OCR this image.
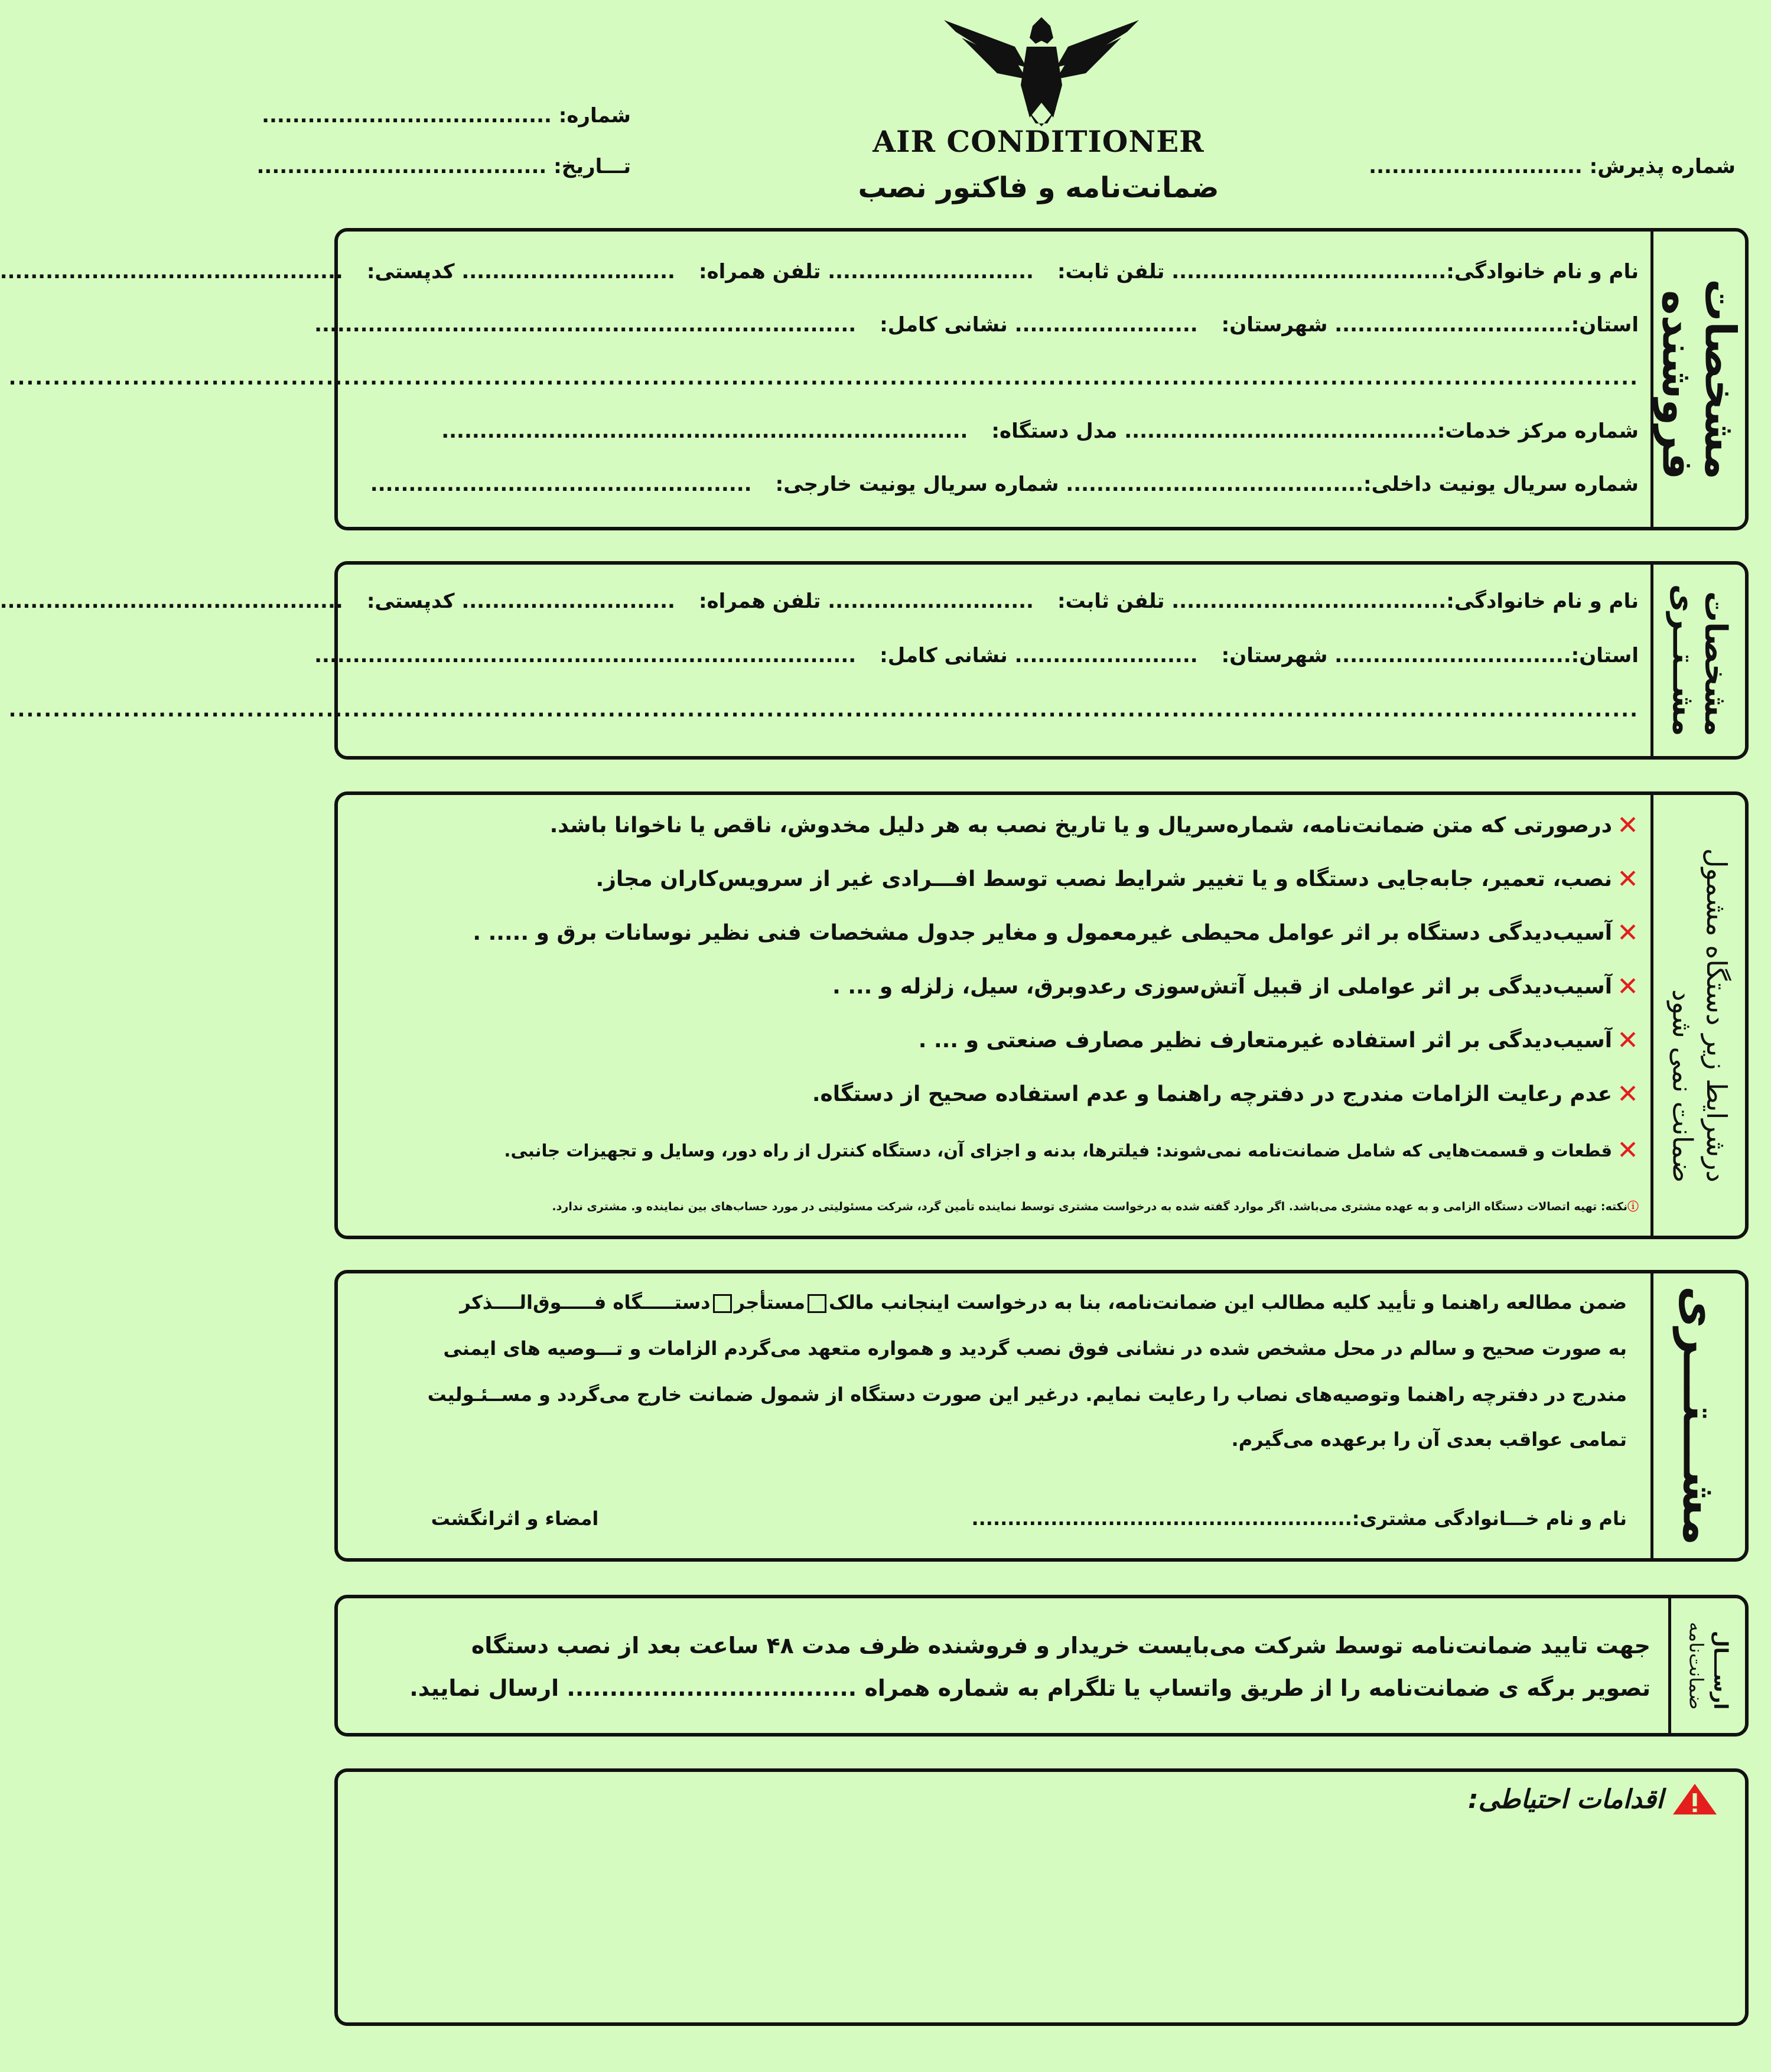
AIR CONDITIONER
ضمانت‌نامه و فاکتور نصب
شماره: ......................................
تـــاریخ: ......................................	شماره پذیرش: ............................
مشخصات
فروشنده
نام و نام خانوادگی:.................................... تلفن ثابت:........................... تلفن همراه:............................ کدپستی:.............................................
استان:............................... شهرستان:........................ نشانی کامل:.......................................................................
.........................................................................................................................................................................................
شماره مرکز خدمات:......................................... مدل دستگاه:.....................................................................
شماره سریال یونیت داخلی:....................................... شماره سریال یونیت خارجی:..................................................
مشخصات
مشــتــری
نام و نام خانوادگی:.................................... تلفن ثابت:........................... تلفن همراه:............................ کدپستی:.............................................
استان:............................... شهرستان:........................ نشانی کامل:.......................................................................
.........................................................................................................................................................................................
درشرایط زیر دستگاه مشمول
ضمانت نمی شود
✕
درصورتی که متن ضمانت‌نامه، شماره‌سریال و یا تاریخ نصب به هر دلیل مخدوش، ناقص یا ناخوانا باشد.
✕
نصب، تعمیر، جابه‌جایی دستگاه و یا تغییر شرایط نصب توسط افـــرادی غیر از سرویس‌کاران مجاز.
✕
آسیب‌دیدگی دستگاه بر اثر عوامل محیطی غیرمعمول و مغایر جدول مشخصات فنی نظیر نوسانات برق و ..... .
✕
آسیب‌دیدگی بر اثر عواملی از قبیل آتش‌سوزی رعدوبرق، سیل، زلزله و ... .
✕
آسیب‌دیدگی بر اثر استفاده غیرمتعارف نظیر مصارف صنعتی و ... .
✕
عدم رعایت الزامات مندرج در دفترچه راهنما و عدم استفاده صحیح از دستگاه.
✕
قطعات و قسمت‌هایی که شامل ضمانت‌نامه نمی‌شوند: فیلترها، بدنه و اجزای آن، دستگاه کنترل از راه دور، وسایل و تجهیزات جانبی.
ⓘنکته: تهیه اتصالات دستگاه الزامی و به عهده مشتری می‌باشد. اگر موارد گفته شده به درخواست مشتری توسط نماینده تأمین گرد، شرکت مسئولیتی در مورد حساب‌های بین نماینده و. مشتری ندارد.
مشـــتـــری
ضمن مطالعه راهنما و تأیید کلیه مطالب این ضمانت‌نامه، بنا به درخواست اینجانب مالکمستأجردستـــــگاه فـــــوق‌الــــذکر
به صورت صحیح و سالم در محل مشخص شده در نشانی فوق نصب گردید و همواره متعهد می‌گردم الزامات و تـــوصیه های ایمنی
مندرج در دفترچه راهنما وتوصیه‌های نصاب را رعایت نمایم. درغیر این صورت دستگاه از شمول ضمانت خارج می‌گردد و مســئـولیت
تمامی عواقب بعدی آن را برعهده می‌گیرم.
نام و نام خـــانوادگی مشتری:..................................................... امضاء و اثرانگشت
ارســـال
ضمانت‌نامه
جهت تایید ضمانت‌نامه توسط شرکت می‌بایست خریدار و فروشنده ظرف مدت ۴۸ ساعت بعد از نصب دستگاه
تصویر برگه ی ضمانت‌نامه را از طریق واتساپ یا تلگرام به شماره همراه .................................. ارسال نمایید.
اقدامات احتیاطی:
